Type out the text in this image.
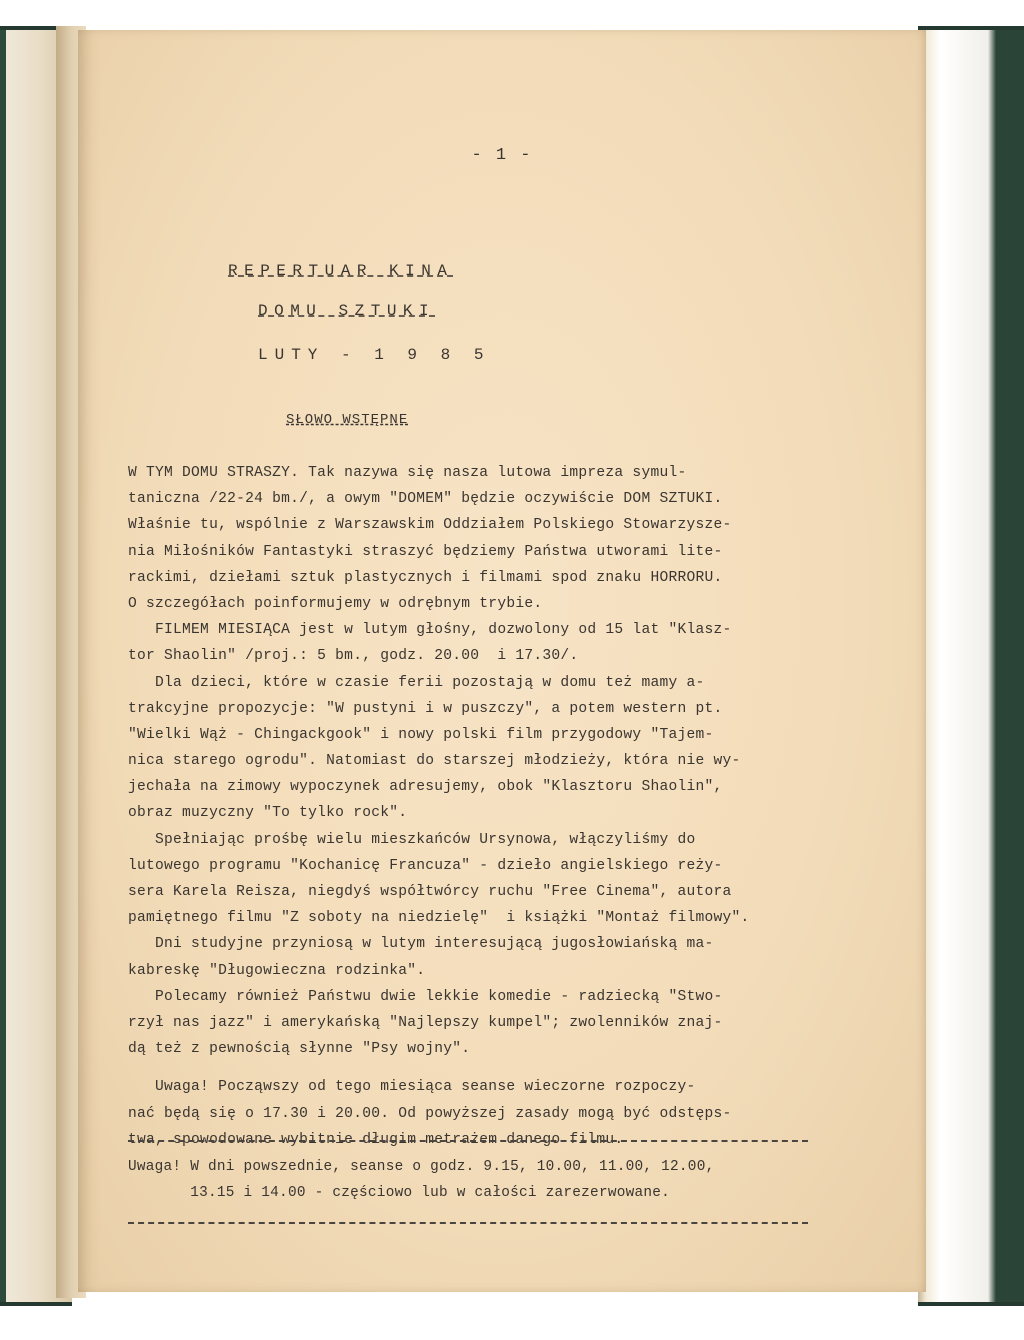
- 1 -
REPERTUAR KINA
DOMU SZTUKI
LUTY - 1 9 8 5
SŁOWO WSTĘPNE
W TYM DOMU STRASZY. Tak nazywa się nasza lutowa impreza symul-
taniczna /22-24 bm./, a owym "DOMEM" będzie oczywiście DOM SZTUKI.
Właśnie tu, wspólnie z Warszawskim Oddziałem Polskiego Stowarzysze-
nia Miłośników Fantastyki straszyć będziemy Państwa utworami lite-
rackimi, dziełami sztuk plastycznych i filmami spod znaku HORRORU.
O szczegółach poinformujemy w odrębnym trybie.
FILMEM MIESIĄCA jest w lutym głośny, dozwolony od 15 lat "Klasz-
tor Shaolin" /proj.: 5 bm., godz. 20.00  i 17.30/.
Dla dzieci, które w czasie ferii pozostają w domu też mamy a-
trakcyjne propozycje: "W pustyni i w puszczy", a potem western pt.
"Wielki Wąż - Chingackgook" i nowy polski film przygodowy "Tajem-
nica starego ogrodu". Natomiast do starszej młodzieży, która nie wy-
jechała na zimowy wypoczynek adresujemy, obok "Klasztoru Shaolin",
obraz muzyczny "To tylko rock".
Spełniając prośbę wielu mieszkańców Ursynowa, włączyliśmy do
lutowego programu "Kochanicę Francuza" - dzieło angielskiego reży-
sera Karela Reisza, niegdyś współtwórcy ruchu "Free Cinema", autora
pamiętnego filmu "Z soboty na niedzielę"  i książki "Montaż filmowy".
Dni studyjne przyniosą w lutym interesującą jugosłowiańską ma-
kabreskę "Długowieczna rodzinka".
Polecamy również Państwu dwie lekkie komedie - radziecką "Stwo-
rzył nas jazz" i amerykańską "Najlepszy kumpel"; zwolenników znaj-
dą też z pewnością słynne "Psy wojny".
Uwaga! Począwszy od tego miesiąca seanse wieczorne rozpoczy-
nać będą się o 17.30 i 20.00. Od powyższej zasady mogą być odstęps-
twa, spowodowane wybitnie długim metrażem danego filmu.
Uwaga! W dni powszednie, seanse o godz. 9.15, 10.00, 11.00, 12.00,
13.15 i 14.00 - częściowo lub w całości zarezerwowane.
